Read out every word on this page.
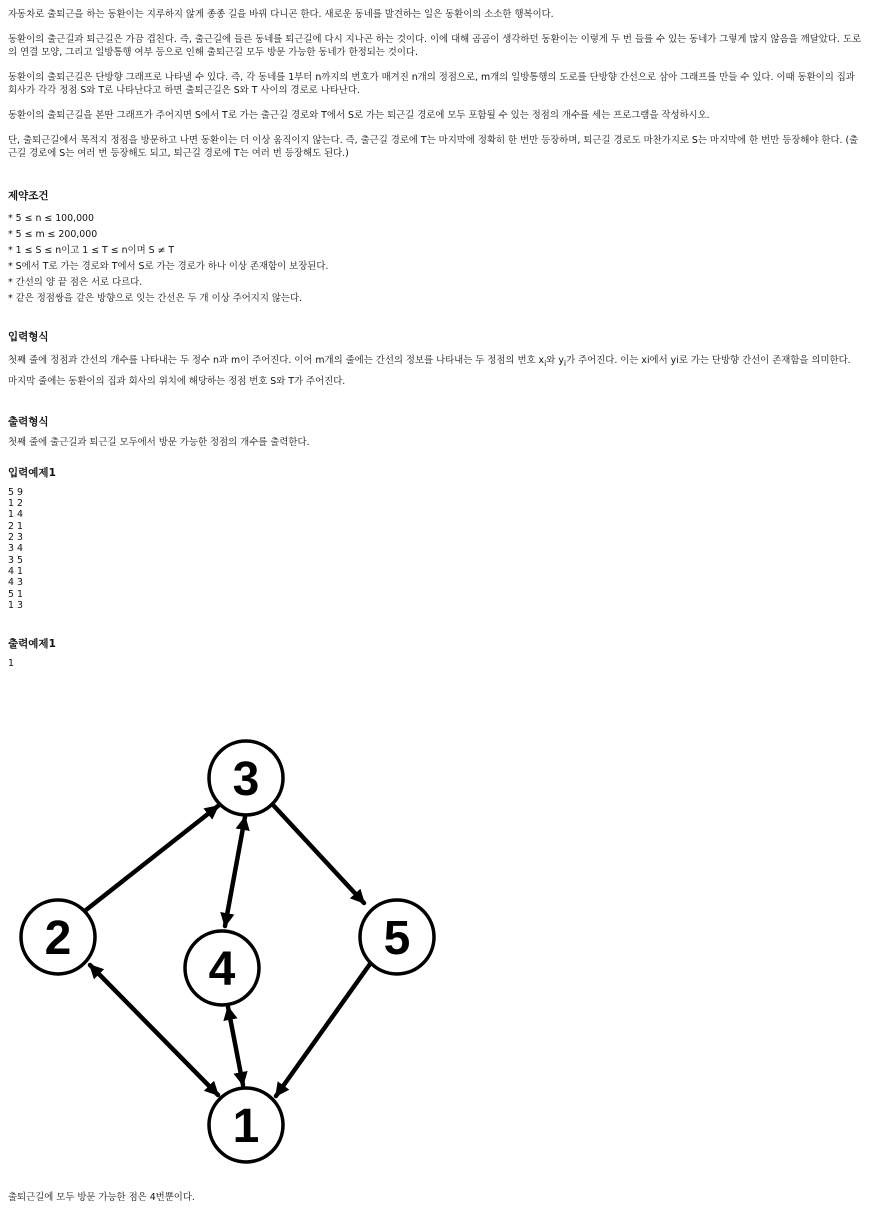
자동차로 출퇴근을 하는 동환이는 지루하지 않게 종종 길을 바꿔 다니곤 한다. 새로운 동네를 발견하는 일은 동환이의 소소한 행복이다.

동환이의 출근길과 퇴근길은 가끔 겹친다. 즉, 출근길에 들른 동네를 퇴근길에 다시 지나곤 하는 것이다. 이에 대해 곰곰이 생각하던 동환이는 이렇게 두 번 들를 수 있는 동네가 그렇게 많지 않음을 깨달았다. 도로의 연결 모양, 그리고 일방통행 여부 등으로 인해 출퇴근길 모두 방문 가능한 동네가 한정되는 것이다.

동환이의 출퇴근길은 단방향 그래프로 나타낼 수 있다. 즉, 각 동네를 1부터 n까지의 번호가 매겨진 n개의 정점으로, m개의 일방통행의 도로를 단방향 간선으로 삼아 그래프를 만들 수 있다. 이때 동환이의 집과 회사가 각각 정점 S와 T로 나타난다고 하면 출퇴근길은 S와 T 사이의 경로로 나타난다.

동환이의 출퇴근길을 본딴 그래프가 주어지면 S에서 T로 가는 출근길 경로와 T에서 S로 가는 퇴근길 경로에 모두 포함될 수 있는 정점의 개수를 세는 프로그램을 작성하시오.

단, 출퇴근길에서 목적지 정점을 방문하고 나면 동환이는 더 이상 움직이지 않는다. 즉, 출근길 경로에 T는 마지막에 정확히 한 번만 등장하며, 퇴근길 경로도 마찬가지로 S는 마지막에 한 번만 등장해야 한다. (출근길 경로에 S는 여러 번 등장해도 되고, 퇴근길 경로에 T는 여러 번 등장해도 된다.)

제약조건
* 5 ≤ n ≤ 100,000
* 5 ≤ m ≤ 200,000
* 1 ≤ S ≤ n이고 1 ≤ T ≤ n이며 S ≠ T
* S에서 T로 가는 경로와 T에서 S로 가는 경로가 하나 이상 존재함이 보장된다.
* 간선의 양 끝 점은 서로 다르다.
* 같은 정점쌍을 같은 방향으로 잇는 간선은 두 개 이상 주어지지 않는다.
입력형식
첫째 줄에 정점과 간선의 개수를 나타내는 두 정수 n과 m이 주어진다. 이어 m개의 줄에는 간선의 정보를 나타내는 두 정점의 번호 $x_i$와 $y_i$가 주어진다. 이는 xi에서 yi로 가는 단방향 간선이 존재함을 의미한다.
마지막 줄에는 동환이의 집과 회사의 위치에 해당하는 정점 번호 S와 T가 주어진다.
출력형식
첫째 줄에 출근길과 퇴근길 모두에서 방문 가능한 정점의 개수를 출력한다.
입력예제1
5 9
1 2
1 4
2 1
2 3
3 4
3 5
4 1
4 3
5 1
1 3
출력예제1
1
3
2
4
5
1
출퇴근길에 모두 방문 가능한 점은 4번뿐이다.
